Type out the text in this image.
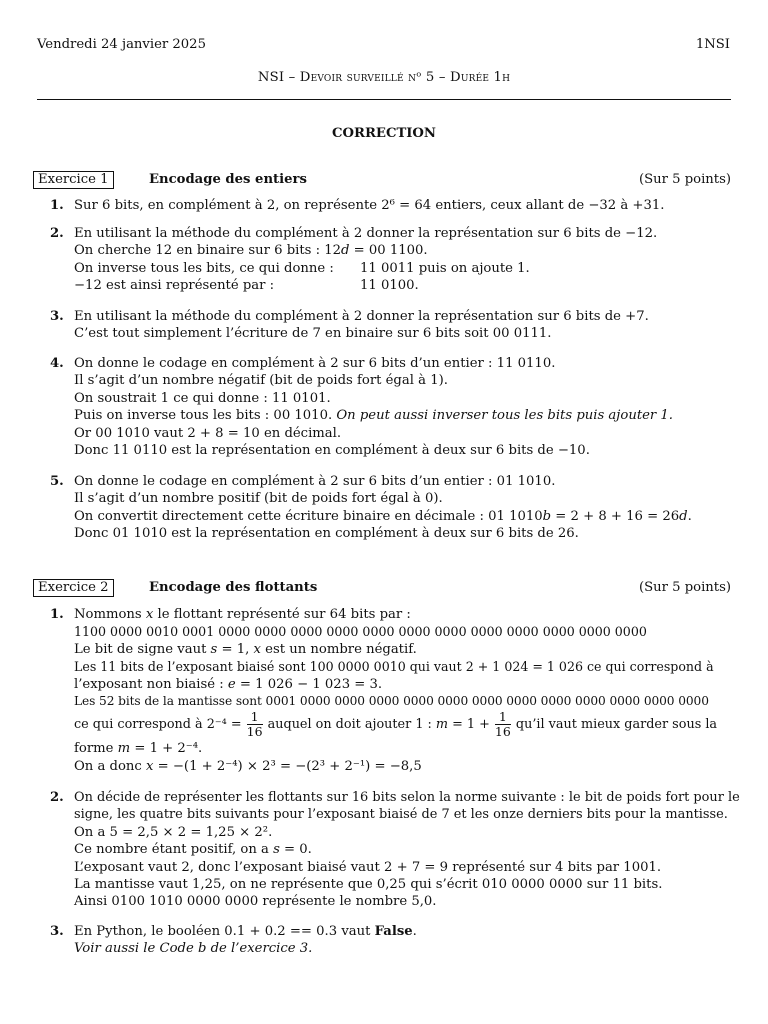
Vendredi 24 janvier 2025	1NSI
NSI – Devoir surveillé nᵒ 5 – Durée 1h
CORRECTION
Exercice 1	Encodage des entiers	(Sur 5 points)
1. Sur 6 bits, en complément à 2, on représente 2⁶ = 64 entiers, ceux allant de −32 à +31.
2. En utilisant la méthode du complément à 2 donner la représentation sur 6 bits de −12.
On cherche 12 en binaire sur 6 bits : 12𝑑 = 00 1100.
On inverse tous les bits, ce qui donne : 11 0011 puis on ajoute 1.
−12 est ainsi représenté par :	11 0100.
3. En utilisant la méthode du complément à 2 donner la représentation sur 6 bits de +7.
C’est tout simplement l’écriture de 7 en binaire sur 6 bits soit 00 0111.
4. On donne le codage en complément à 2 sur 6 bits d’un entier : 11 0110.
Il s’agit d’un nombre négatif (bit de poids fort égal à 1).
On soustrait 1 ce qui donne : 11 0101.
Puis on inverse tous les bits : 00 1010. On peut aussi inverser tous les bits puis ajouter 1.
Or 00 1010 vaut 2 + 8 = 10 en décimal.
Donc 11 0110 est la représentation en complément à deux sur 6 bits de −10.
5. On donne le codage en complément à 2 sur 6 bits d’un entier : 01 1010.
Il s’agit d’un nombre positif (bit de poids fort égal à 0).
On convertit directement cette écriture binaire en décimale : 01 1010𝑏 = 2 + 8 + 16 = 26𝑑.
Donc 01 1010 est la représentation en complément à deux sur 6 bits de 26.
Exercice 2	Encodage des flottants	(Sur 5 points)
1. Nommons 𝑥 le flottant représenté sur 64 bits par :
1100 0000 0010 0001 0000 0000 0000 0000 0000 0000 0000 0000 0000 0000 0000 0000
Le bit de signe vaut 𝑠 = 1, 𝑥 est un nombre négatif.
Les 11 bits de l’exposant biaisé sont 100 0000 0010 qui vaut 2 + 1 024 = 1 026 ce qui correspond à
l’exposant non biaisé : 𝑒 = 1 026 − 1 023 = 3.
Les 52 bits de la mantisse sont 0001 0000 0000 0000 0000 0000 0000 0000 0000 0000 0000 0000 0000
ce qui correspond à $2^{-4} = \frac{1}{16}$ auquel on doit ajouter 1 : 𝑚 = $1 + \frac{1}{16}$ qu’il vaut mieux garder sous la
forme 𝑚 = 1 + 2⁻⁴.
On a donc 𝑥 = −(1 + 2⁻⁴) × 2³ = −(2³ + 2⁻¹) = −8,5
2. On décide de représenter les flottants sur 16 bits selon la norme suivante : le bit de poids fort pour le
signe, les quatre bits suivants pour l’exposant biaisé de 7 et les onze derniers bits pour la mantisse.
On a 5 = 2,5 × 2 = 1,25 × 2².
Ce nombre étant positif, on a 𝑠 = 0.
L’exposant vaut 2, donc l’exposant biaisé vaut 2 + 7 = 9 représenté sur 4 bits par 1001.
La mantisse vaut 1,25, on ne représente que 0,25 qui s’écrit 010 0000 0000 sur 11 bits.
Ainsi 0100 1010 0000 0000 représente le nombre 5,0.
3. En Python, le booléen 0.1 + 0.2 == 0.3 vaut False.
Voir aussi le Code b de l’exercice 3.
